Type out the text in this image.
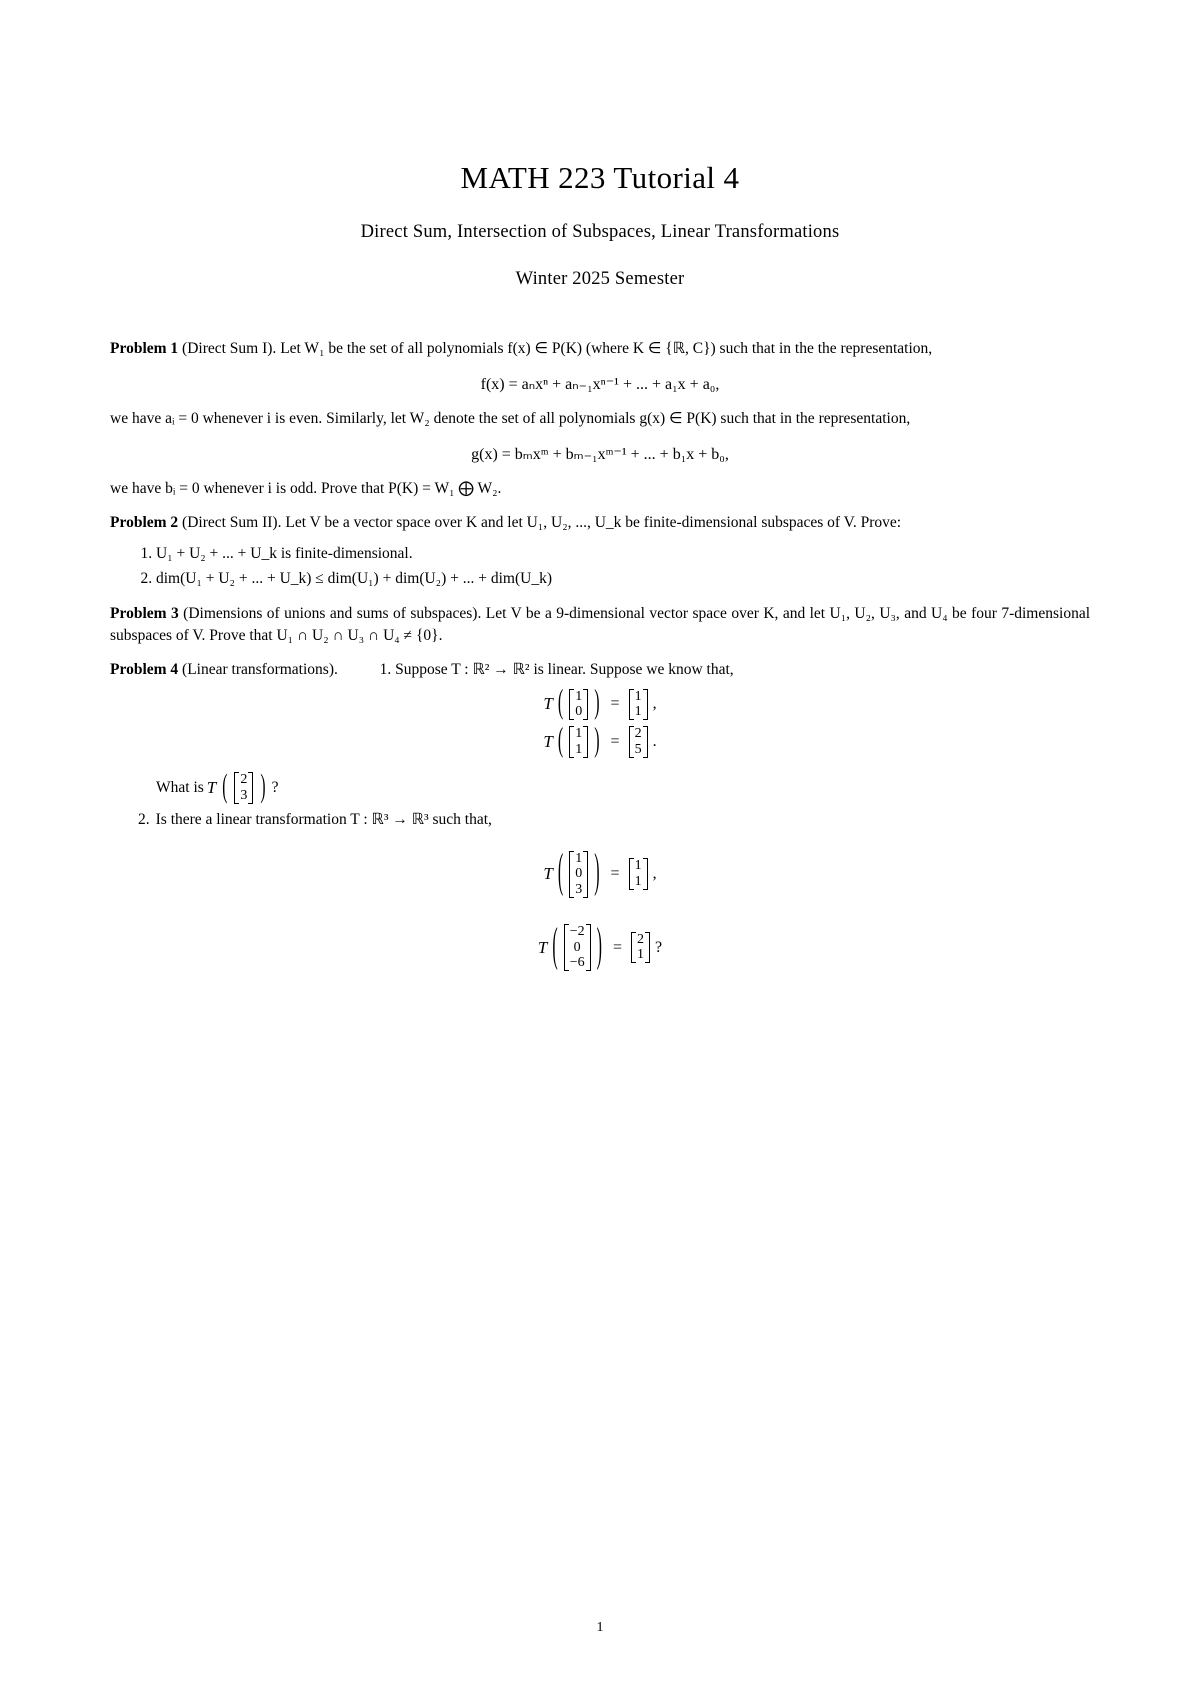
MATH 223 Tutorial 4
Direct Sum, Intersection of Subspaces, Linear Transformations
Winter 2025 Semester

Problem 1 (Direct Sum I). Let W₁ be the set of all polynomials f(x) ∈ P(K) (where K ∈ {ℝ, C}) such that in the the representation,

f(x) = aₙxⁿ + aₙ₋₁xⁿ⁻¹ + ... + a₁x + a₀,

we have aᵢ = 0 whenever i is even. Similarly, let W₂ denote the set of all polynomials g(x) ∈ P(K) such that in the representation,

g(x) = bₘxᵐ + bₘ₋₁xᵐ⁻¹ + ... + b₁x + b₀,

we have bᵢ = 0 whenever i is odd. Prove that P(K) = W₁ ⨁ W₂.

Problem 2 (Direct Sum II). Let V be a vector space over K and let U₁, U₂, ..., U_k be finite-dimensional subspaces of V. Prove:

1. U₁ + U₂ + ... + U_k is finite-dimensional.
2. dim(U₁ + U₂ + ... + U_k) ≤ dim(U₁) + dim(U₂) + ... + dim(U_k)

Problem 3 (Dimensions of unions and sums of subspaces). Let V be a 9-dimensional vector space over K, and let U₁, U₂, U₃, and U₄ be four 7-dimensional subspaces of V. Prove that U₁ ∩ U₂ ∩ U₃ ∩ U₄ ≠ {0}.

Problem 4 (Linear transformations).	1. Suppose T : ℝ² → ℝ² is linear. Suppose we know that,

T ( 1
0 ) =	1
1 ,
T ( 1
1 ) =	2
5 .
What is T ( 2
3 ) ?
2. Is there a linear transformation T : ℝ³ → ℝ³ such that,
T ( 1
0
3 ) =	1
1 ,
T ( −2
0
−6 ) =	2
1 ?
1
